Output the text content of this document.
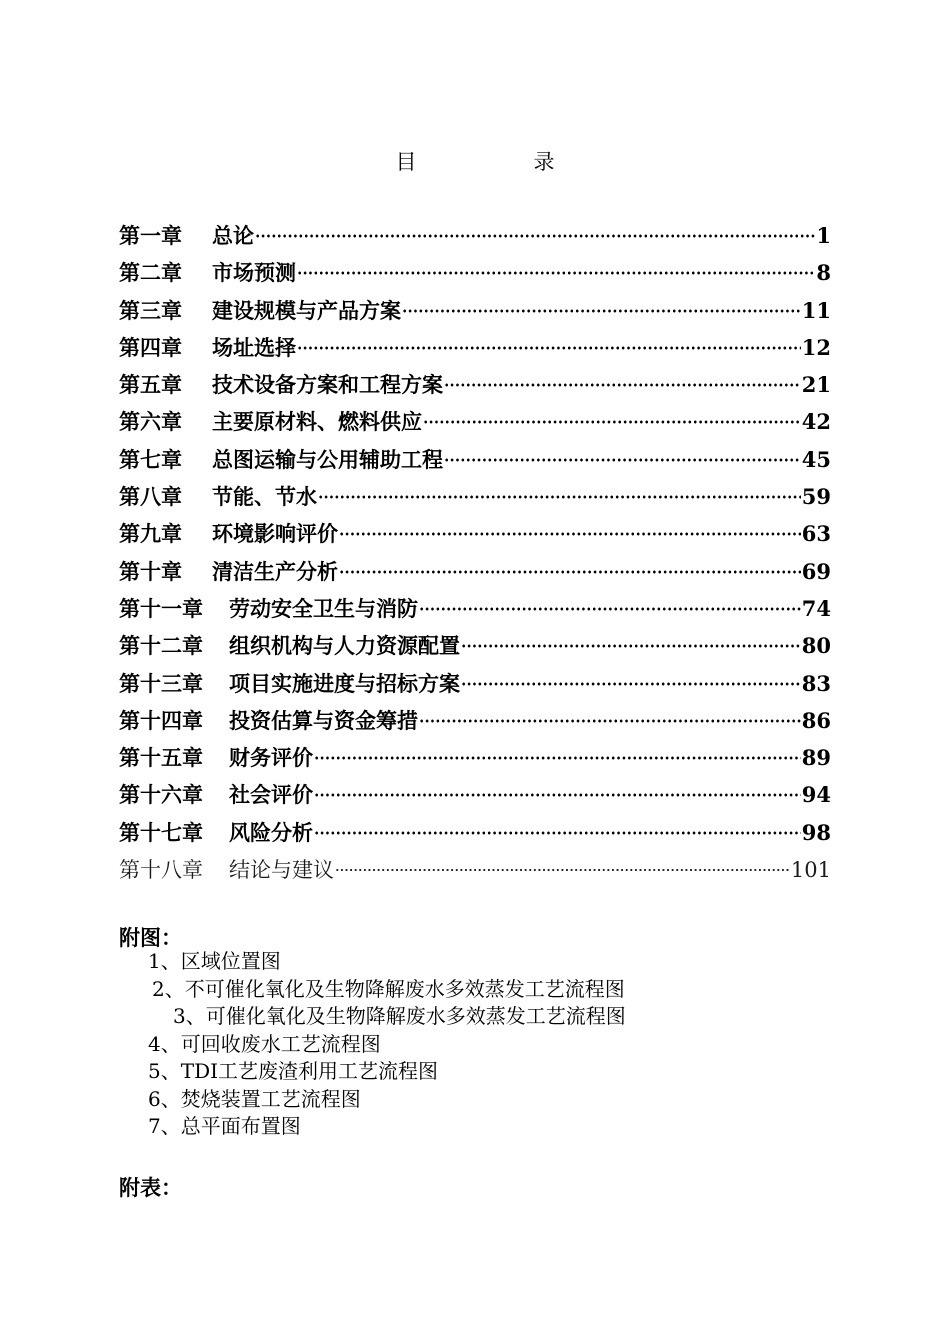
目　录
第一章 总论	1
第二章 市场预测	8
第三章 建设规模与产品方案	11
第四章 场址选择	12
第五章 技术设备方案和工程方案	21
第六章 主要原材料、燃料供应	42
第七章 总图运输与公用辅助工程	45
第八章 节能、节水	59
第九章 环境影响评价	63
第十章 清洁生产分析	69
第十一章 劳动安全卫生与消防	74
第十二章 组织机构与人力资源配置	80
第十三章 项目实施进度与招标方案	83
第十四章 投资估算与资金筹措	86
第十五章 财务评价	89
第十六章 社会评价	94
第十七章 风险分析	98
第十八章 结论与建议	101
附图：
1、区域位置图
2、不可催化氧化及生物降解废水多效蒸发工艺流程图
3、可催化氧化及生物降解废水多效蒸发工艺流程图
4、可回收废水工艺流程图
5、TDI工艺废渣利用工艺流程图
6、焚烧装置工艺流程图
7、总平面布置图
附表：
